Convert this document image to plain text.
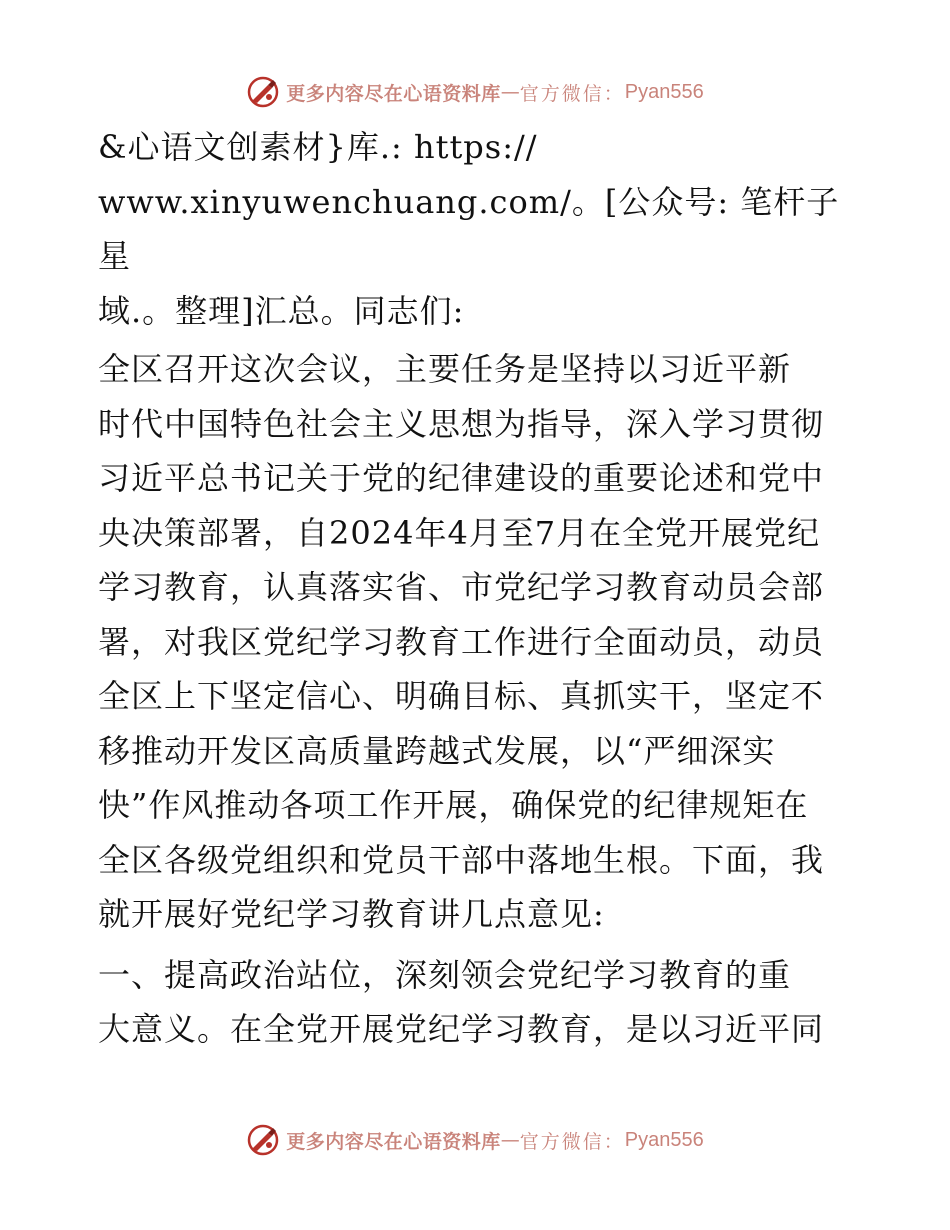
更多内容尽在心语资料库 — 官方微信： Pyan556

&心语文创素材}库.: https://
www.xinyuwenchuang.com/。[公众号: 笔杆子星
域.。整理]汇总。同志们:

全区召开这次会议，主要任务是坚持以习近平新
时代中国特色社会主义思想为指导，深入学习贯彻
习近平总书记关于党的纪律建设的重要论述和党中
央决策部署，自2024年4月至7月在全党开展党纪
学习教育，认真落实省、市党纪学习教育动员会部
署，对我区党纪学习教育工作进行全面动员，动员
全区上下坚定信心、明确目标、真抓实干，坚定不
移推动开发区高质量跨越式发展，以“严细深实
快”作风推动各项工作开展，确保党的纪律规矩在
全区各级党组织和党员干部中落地生根。下面，我
就开展好党纪学习教育讲几点意见:

一、提高政治站位，深刻领会党纪学习教育的重
大意义。在全党开展党纪学习教育，是以习近平同

更多内容尽在心语资料库 — 官方微信： Pyan556
